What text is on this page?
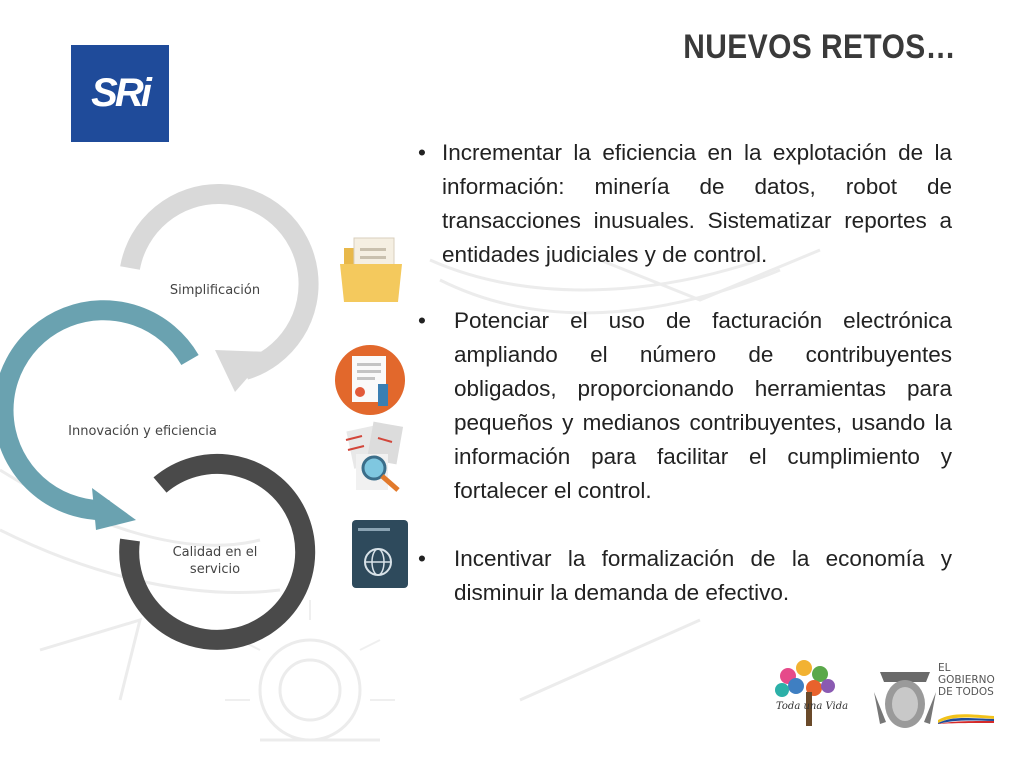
SRi
NUEVOS RETOS…
Simplificación
Innovación y eficiencia
Calidad en el servicio
• Incrementar la eficiencia en la explotación de la información: minería de datos, robot de transacciones inusuales. Sistematizar reportes a entidades judiciales y de control.
• Potenciar el uso de facturación electrónica ampliando el número de contribuyentes obligados, proporcionando herramientas para pequeños y medianos contribuyentes, usando la información para facilitar el cumplimiento y fortalecer el control.
• Incentivar la formalización de la economía y disminuir la demanda de efectivo.
Toda una Vida
EL GOBIERNO DE TODOS
